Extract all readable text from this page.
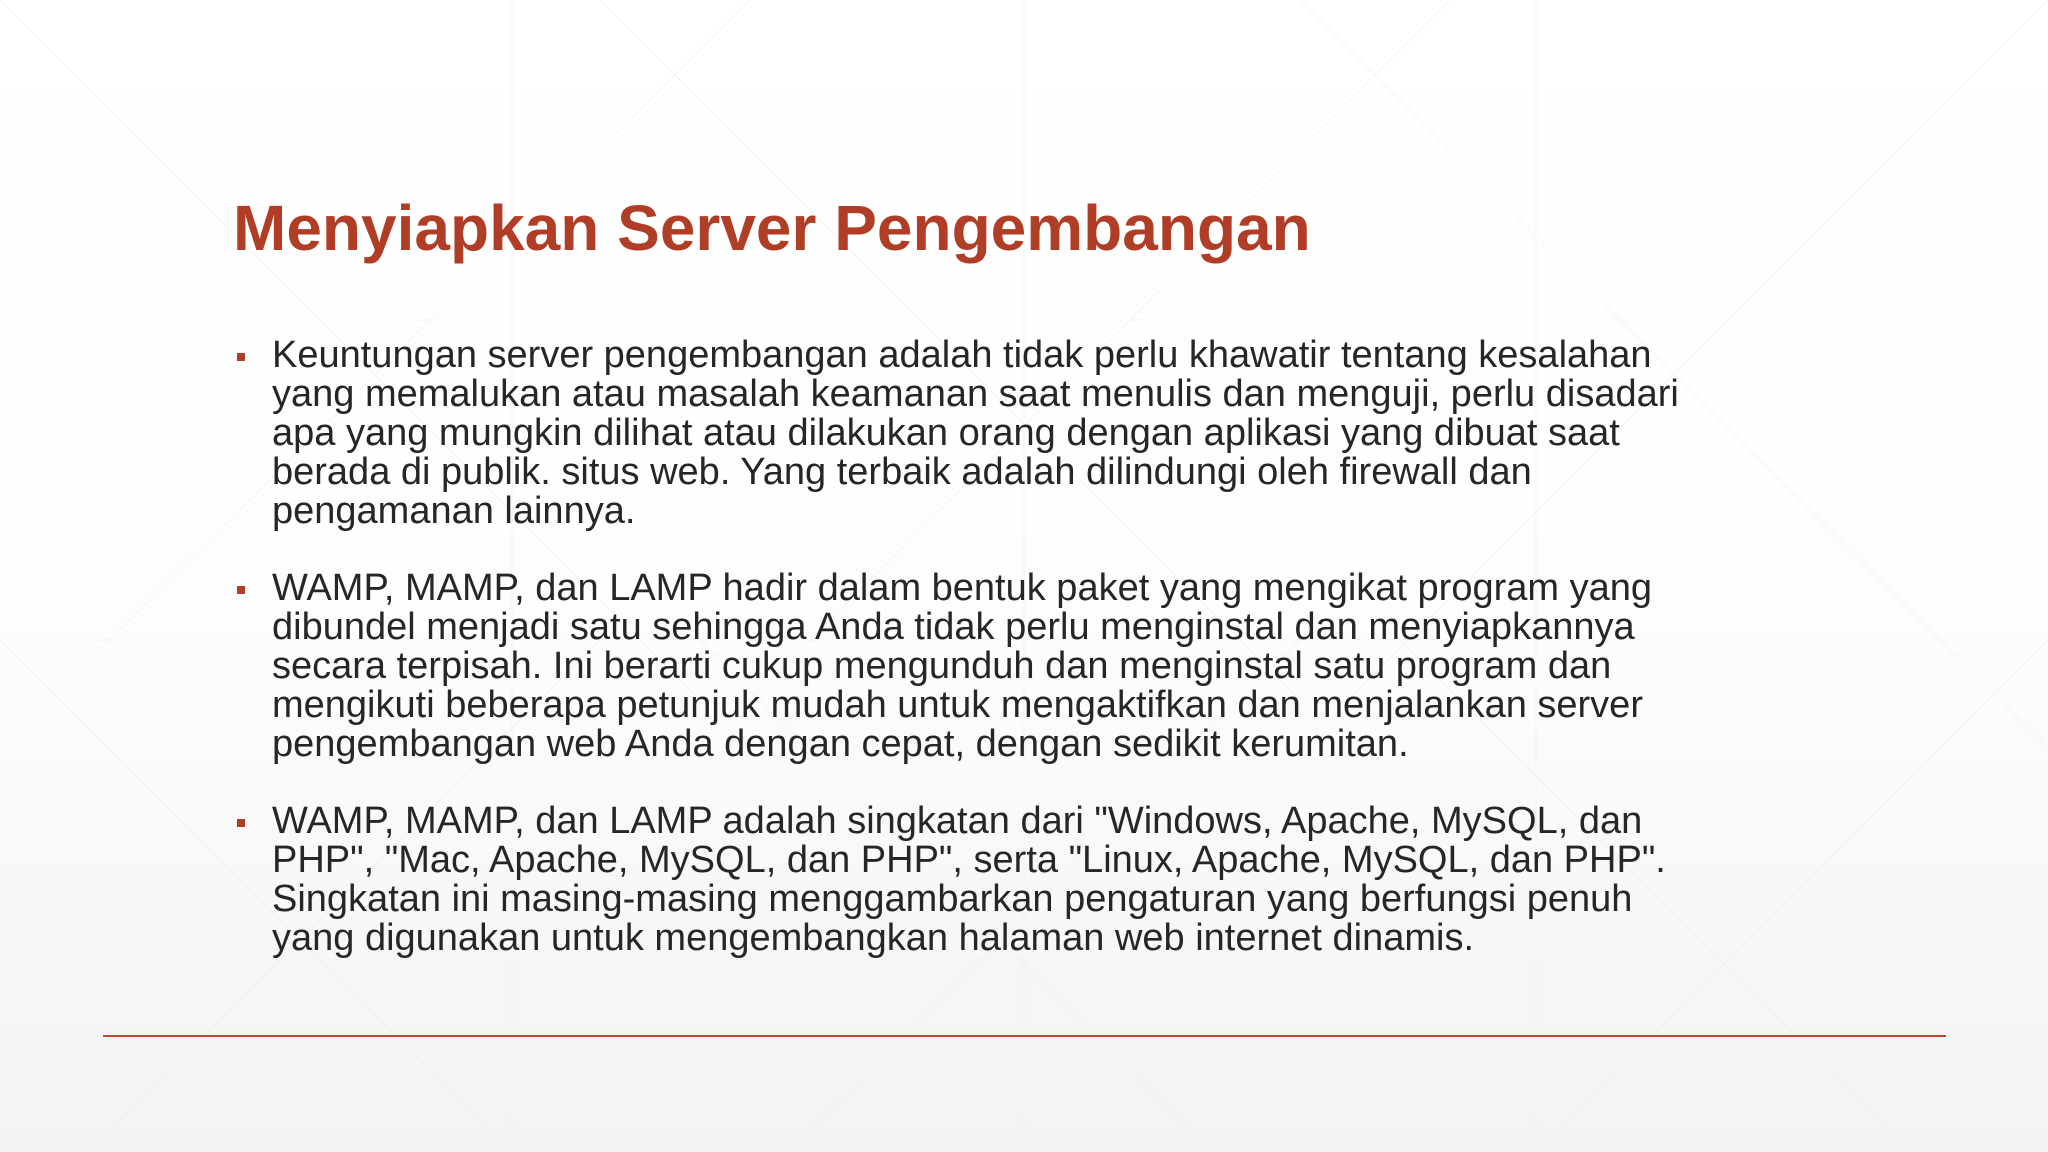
Menyiapkan Server Pengembangan
Keuntungan server pengembangan adalah tidak perlu khawatir tentang kesalahan
yang memalukan atau masalah keamanan saat menulis dan menguji, perlu disadari
apa yang mungkin dilihat atau dilakukan orang dengan aplikasi yang dibuat saat
berada di publik. situs web. Yang terbaik adalah dilindungi oleh firewall dan
pengamanan lainnya.
WAMP, MAMP, dan LAMP hadir dalam bentuk paket yang mengikat program yang
dibundel menjadi satu sehingga Anda tidak perlu menginstal dan menyiapkannya
secara terpisah. Ini berarti cukup mengunduh dan menginstal satu program dan
mengikuti beberapa petunjuk mudah untuk mengaktifkan dan menjalankan server
pengembangan web Anda dengan cepat, dengan sedikit kerumitan.
WAMP, MAMP, dan LAMP adalah singkatan dari "Windows, Apache, MySQL, dan
PHP", "Mac, Apache, MySQL, dan PHP", serta "Linux, Apache, MySQL, dan PHP".
Singkatan ini masing-masing menggambarkan pengaturan yang berfungsi penuh
yang digunakan untuk mengembangkan halaman web internet dinamis.
